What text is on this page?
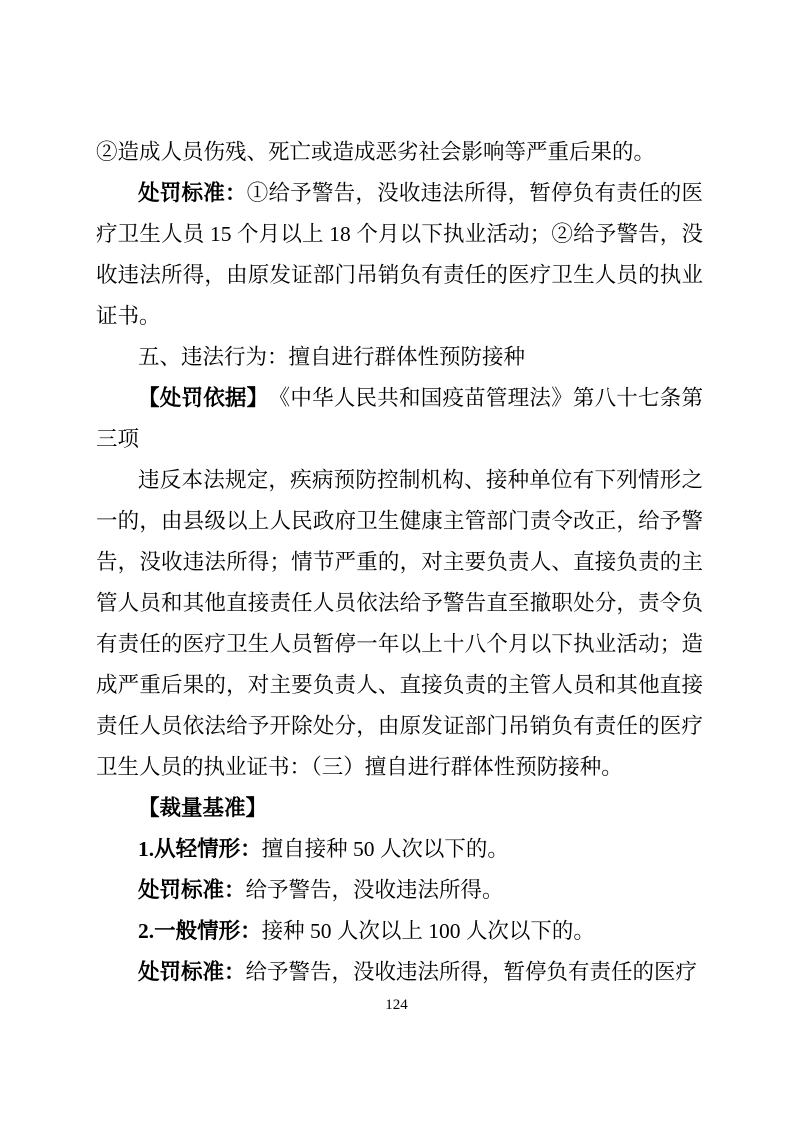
②造成人员伤残、死亡或造成恶劣社会影响等严重后果的。

处罚标准：①给予警告，没收违法所得，暂停负有责任的医疗卫生人员 15 个月以上 18 个月以下执业活动；②给予警告，没收违法所得，由原发证部门吊销负有责任的医疗卫生人员的执业证书。

五、违法行为：擅自进行群体性预防接种

【处罚依据】　《中华人民共和国疫苗管理法》第八十七条第三项

违反本法规定，疾病预防控制机构、接种单位有下列情形之一的，由县级以上人民政府卫生健康主管部门责令改正，给予警告，没收违法所得；情节严重的，对主要负责人、直接负责的主管人员和其他直接责任人员依法给予警告直至撤职处分，责令负有责任的医疗卫生人员暂停一年以上十八个月以下执业活动；造成严重后果的，对主要负责人、直接负责的主管人员和其他直接责任人员依法给予开除处分，由原发证部门吊销负有责任的医疗卫生人员的执业证书：（三）擅自进行群体性预防接种。

【裁量基准】

1.从轻情形：擅自接种 50 人次以下的。

处罚标准：给予警告，没收违法所得。

2.一般情形：接种 50 人次以上 100 人次以下的。

处罚标准：给予警告，没收违法所得，暂停负有责任的医疗

124
